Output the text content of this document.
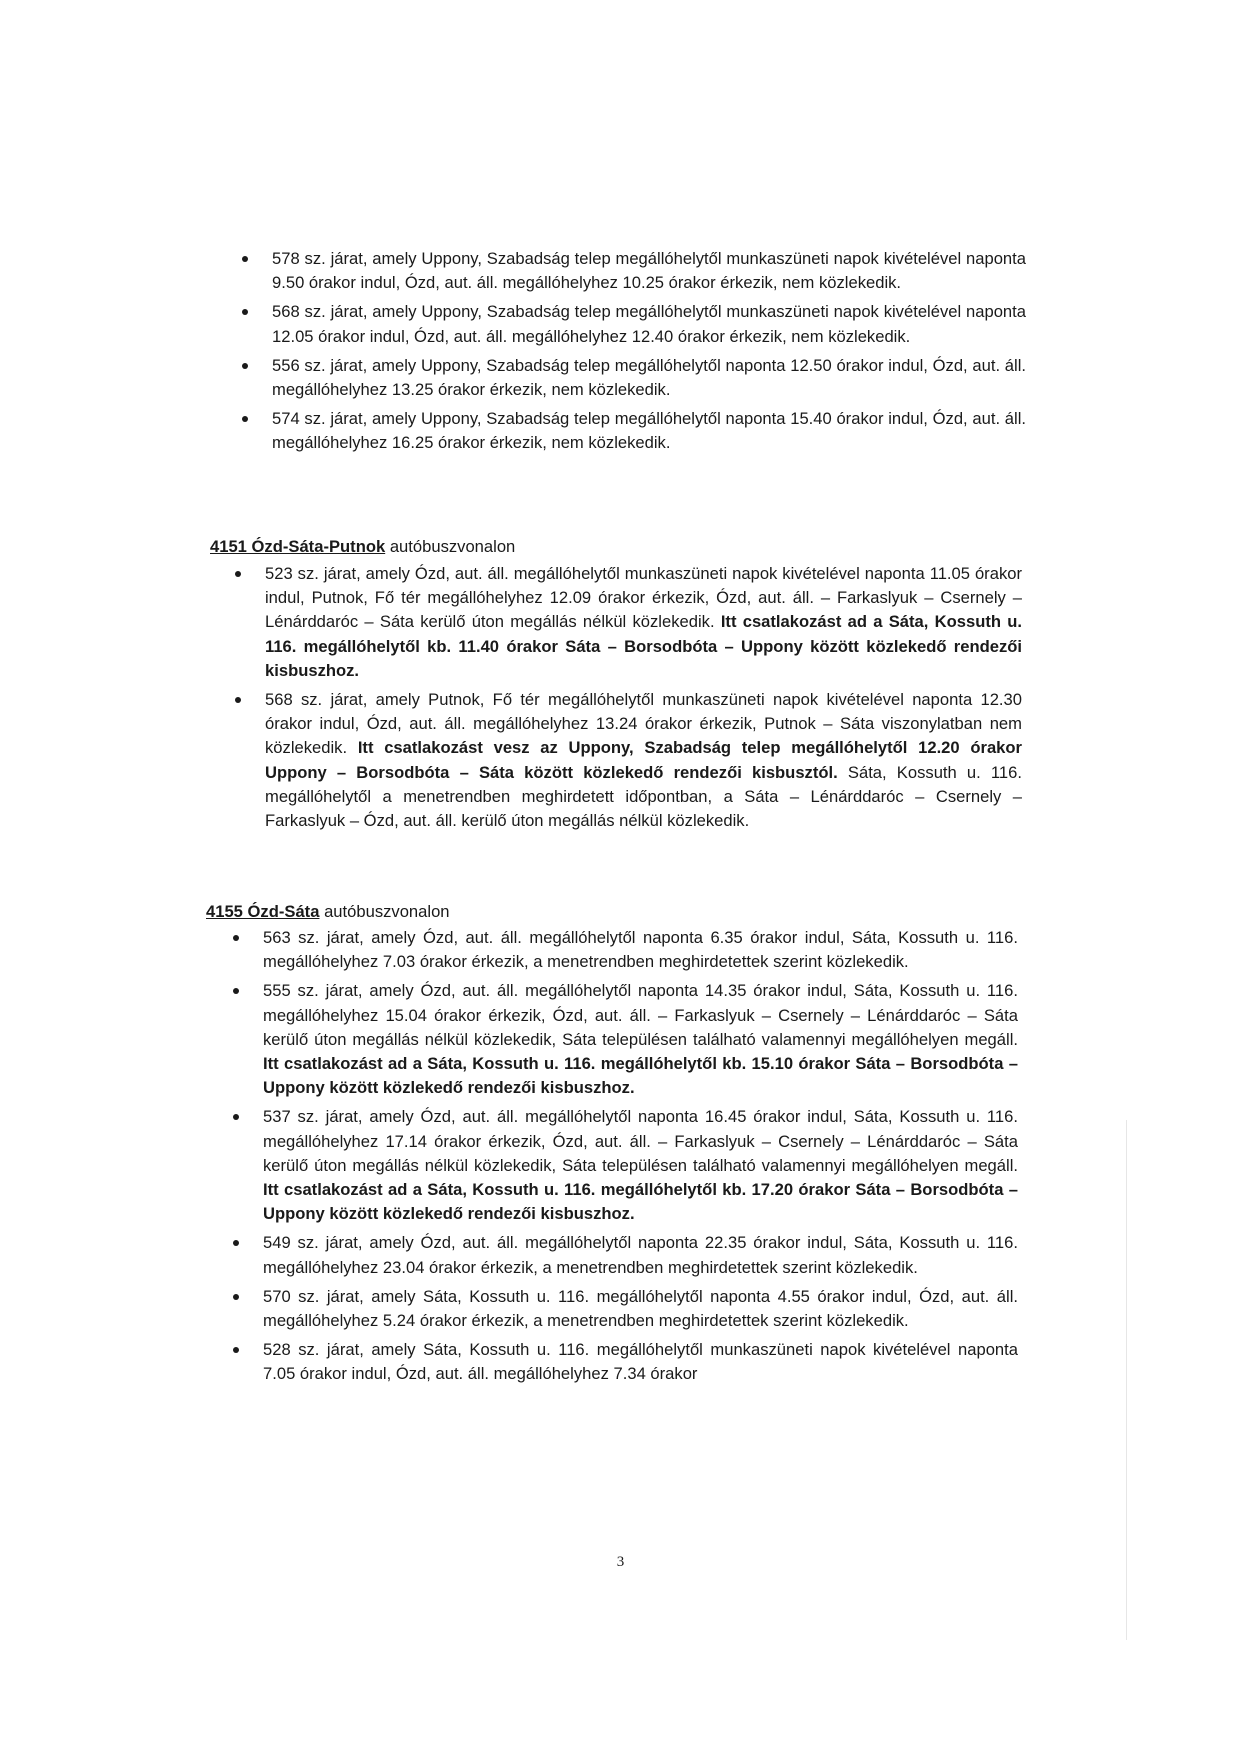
578 sz. járat, amely Uppony, Szabadság telep megállóhelytől munkaszüneti napok kivételével naponta 9.50 órakor indul, Ózd, aut. áll. megállóhelyhez 10.25 órakor érkezik, nem közlekedik.
568 sz. járat, amely Uppony, Szabadság telep megállóhelytől munkaszüneti napok kivételével naponta 12.05 órakor indul, Ózd, aut. áll. megállóhelyhez 12.40 órakor érkezik, nem közlekedik.
556 sz. járat, amely Uppony, Szabadság telep megállóhelytől naponta 12.50 órakor indul, Ózd, aut. áll. megállóhelyhez 13.25 órakor érkezik, nem közlekedik.
574 sz. járat, amely Uppony, Szabadság telep megállóhelytől naponta 15.40 órakor indul, Ózd, aut. áll. megállóhelyhez 16.25 órakor érkezik, nem közlekedik.
4151 Ózd-Sáta-Putnok autóbuszvonalon
523 sz. járat, amely Ózd, aut. áll. megállóhelytől munkaszüneti napok kivételével naponta 11.05 órakor indul, Putnok, Fő tér megállóhelyhez 12.09 órakor érkezik, Ózd, aut. áll. – Farkaslyuk – Csernely – Lénárddaróc – Sáta kerülő úton megállás nélkül közlekedik. Itt csatlakozást ad a Sáta, Kossuth u. 116. megállóhelytől kb. 11.40 órakor Sáta – Borsodbóta – Uppony között közlekedő rendezői kisbuszhoz.
568 sz. járat, amely Putnok, Fő tér megállóhelytől munkaszüneti napok kivételével naponta 12.30 órakor indul, Ózd, aut. áll. megállóhelyhez 13.24 órakor érkezik, Putnok – Sáta viszonylatban nem közlekedik. Itt csatlakozást vesz az Uppony, Szabadság telep megállóhelytől 12.20 órakor Uppony – Borsodbóta – Sáta között közlekedő rendezői kisbusztól. Sáta, Kossuth u. 116. megállóhelytől a menetrendben meghirdetett időpontban, a Sáta – Lénárddaróc – Csernely – Farkaslyuk – Ózd, aut. áll. kerülő úton megállás nélkül közlekedik.
4155 Ózd-Sáta autóbuszvonalon
563 sz. járat, amely Ózd, aut. áll. megállóhelytől naponta 6.35 órakor indul, Sáta, Kossuth u. 116. megállóhelyhez 7.03 órakor érkezik, a menetrendben meghirdetettek szerint közlekedik.
555 sz. járat, amely Ózd, aut. áll. megállóhelytől naponta 14.35 órakor indul, Sáta, Kossuth u. 116. megállóhelyhez 15.04 órakor érkezik, Ózd, aut. áll. – Farkaslyuk – Csernely – Lénárddaróc – Sáta kerülő úton megállás nélkül közlekedik, Sáta településen található valamennyi megállóhelyen megáll. Itt csatlakozást ad a Sáta, Kossuth u. 116. megállóhelytől kb. 15.10 órakor Sáta – Borsodbóta – Uppony között közlekedő rendezői kisbuszhoz.
537 sz. járat, amely Ózd, aut. áll. megállóhelytől naponta 16.45 órakor indul, Sáta, Kossuth u. 116. megállóhelyhez 17.14 órakor érkezik, Ózd, aut. áll. – Farkaslyuk – Csernely – Lénárddaróc – Sáta kerülő úton megállás nélkül közlekedik, Sáta településen található valamennyi megállóhelyen megáll. Itt csatlakozást ad a Sáta, Kossuth u. 116. megállóhelytől kb. 17.20 órakor Sáta – Borsodbóta – Uppony között közlekedő rendezői kisbuszhoz.
549 sz. járat, amely Ózd, aut. áll. megállóhelytől naponta 22.35 órakor indul, Sáta, Kossuth u. 116. megállóhelyhez 23.04 órakor érkezik, a menetrendben meghirdetettek szerint közlekedik.
570 sz. járat, amely Sáta, Kossuth u. 116. megállóhelytől naponta 4.55 órakor indul, Ózd, aut. áll. megállóhelyhez 5.24 órakor érkezik, a menetrendben meghirdetettek szerint közlekedik.
528 sz. járat, amely Sáta, Kossuth u. 116. megállóhelytől munkaszüneti napok kivételével naponta 7.05 órakor indul, Ózd, aut. áll. megállóhelyhez 7.34 órakor
3
